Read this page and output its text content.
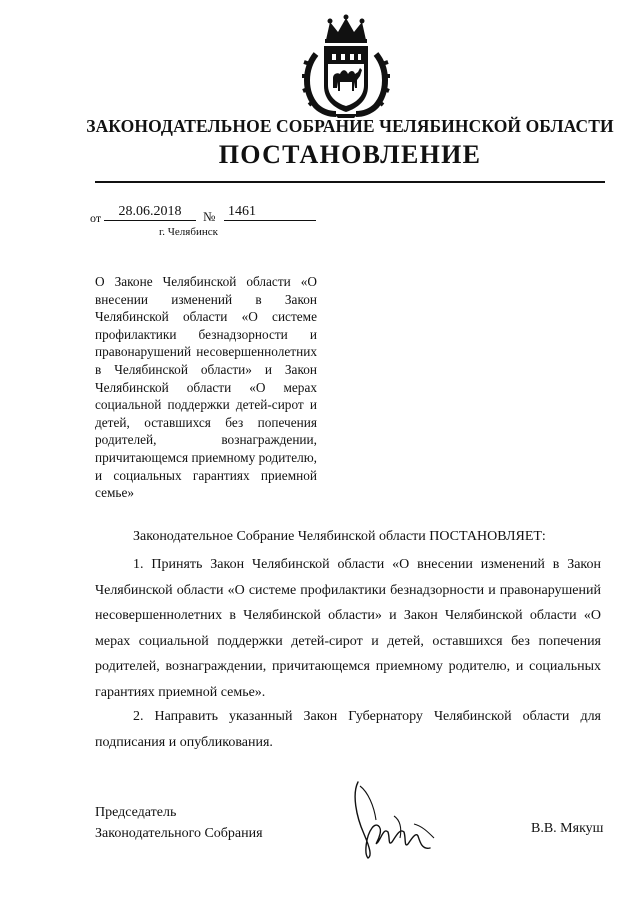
ЗАКОНОДАТЕЛЬНОЕ СОБРАНИЕ ЧЕЛЯБИНСКОЙ ОБЛАСТИ
ПОСТАНОВЛЕНИЕ
от	28.06.2018	№ 1461
г. Челябинск
О Законе Челябинской области «О внесении изменений в Закон Челябинской области «О системе профилактики безнадзорности и правонарушений несовершеннолетних в Челябинской области» и Закон Челябинской области «О мерах социальной поддержки детей-сирот и детей, оставшихся без попечения родителей, вознаграждении, причитающемся приемному родителю, и социальных гарантиях приемной семье»
Законодательное Собрание Челябинской области ПОСТАНОВЛЯЕТ:
1. Принять Закон Челябинской области «О внесении изменений в Закон Челябинской области «О системе профилактики безнадзорности и правонарушений несовершеннолетних в Челябинской области» и Закон Челябинской области «О мерах социальной поддержки детей-сирот и детей, оставшихся без попечения родителей, вознаграждении, причитающемся приемному родителю, и социальных гарантиях приемной семье».
2. Направить указанный Закон Губернатору Челябинской области для подписания и опубликования.
Председатель
Законодательного Собрания	В.В. Мякуш
